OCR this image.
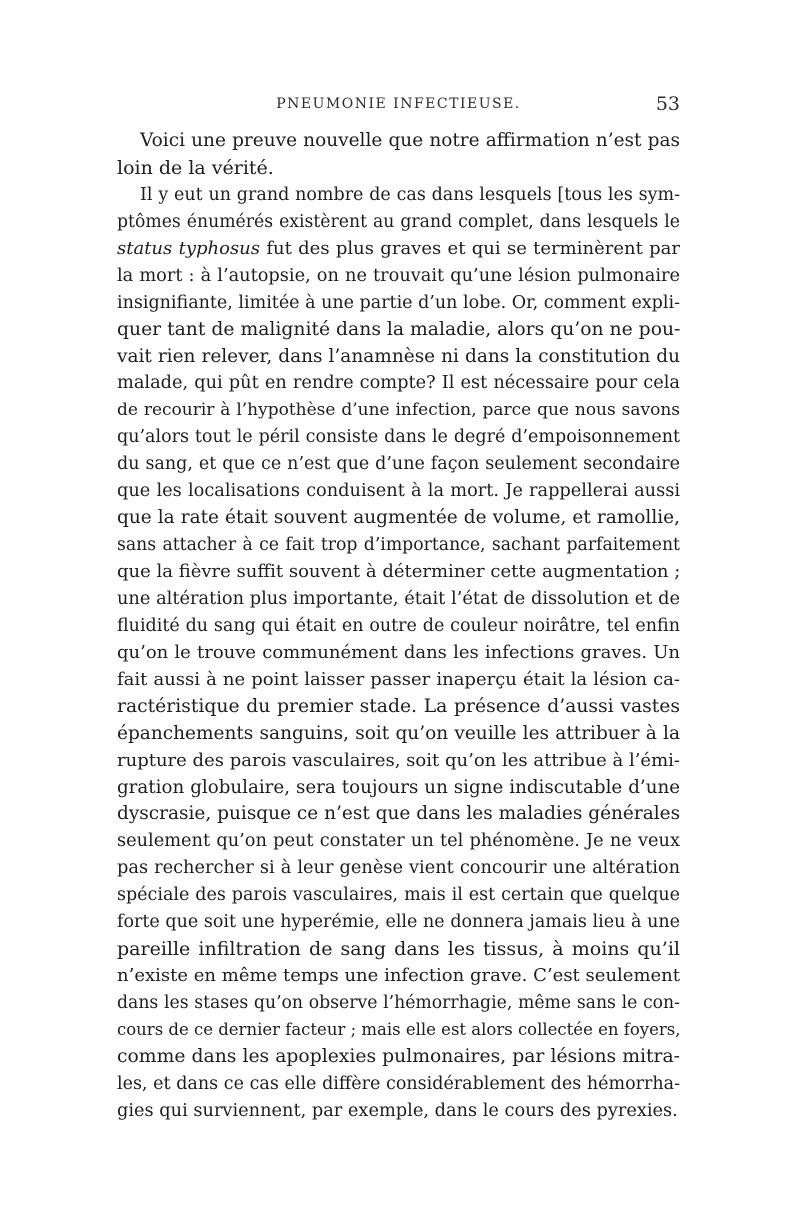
PNEUMONIE INFECTIEUSE.	53
Voici une preuve nouvelle que notre affirmation n’est pas
loin de la vérité.
Il y eut un grand nombre de cas dans lesquels [tous les sym-
ptômes énumérés existèrent au grand complet, dans lesquels le
status typhosus fut des plus graves et qui se terminèrent par
la mort : à l’autopsie, on ne trouvait qu’une lésion pulmonaire
insignifiante, limitée à une partie d’un lobe. Or, comment expli-
quer tant de malignité dans la maladie, alors qu’on ne pou-
vait rien relever, dans l’anamnèse ni dans la constitution du
malade, qui pût en rendre compte? Il est nécessaire pour cela
de recourir à l’hypothèse d’une infection, parce que nous savons
qu’alors tout le péril consiste dans le degré d’empoisonnement
du sang, et que ce n’est que d’une façon seulement secondaire
que les localisations conduisent à la mort. Je rappellerai aussi
que la rate était souvent augmentée de volume, et ramollie,
sans attacher à ce fait trop d’importance, sachant parfaitement
que la fièvre suffit souvent à déterminer cette augmentation ;
une altération plus importante, était l’état de dissolution et de
fluidité du sang qui était en outre de couleur noirâtre, tel enfin
qu’on le trouve communément dans les infections graves. Un
fait aussi à ne point laisser passer inaperçu était la lésion ca-
ractéristique du premier stade. La présence d’aussi vastes
épanchements sanguins, soit qu’on veuille les attribuer à la
rupture des parois vasculaires, soit qu’on les attribue à l’émi-
gration globulaire, sera toujours un signe indiscutable d’une
dyscrasie, puisque ce n’est que dans les maladies générales
seulement qu’on peut constater un tel phénomène. Je ne veux
pas rechercher si à leur genèse vient concourir une altération
spéciale des parois vasculaires, mais il est certain que quelque
forte que soit une hyperémie, elle ne donnera jamais lieu à une
pareille infiltration de sang dans les tissus, à moins qu’il
n’existe en même temps une infection grave. C’est seulement
dans les stases qu’on observe l’hémorrhagie, même sans le con-
cours de ce dernier facteur ; mais elle est alors collectée en foyers,
comme dans les apoplexies pulmonaires, par lésions mitra-
les, et dans ce cas elle diffère considérablement des hémorrha-
gies qui surviennent, par exemple, dans le cours des pyrexies.
